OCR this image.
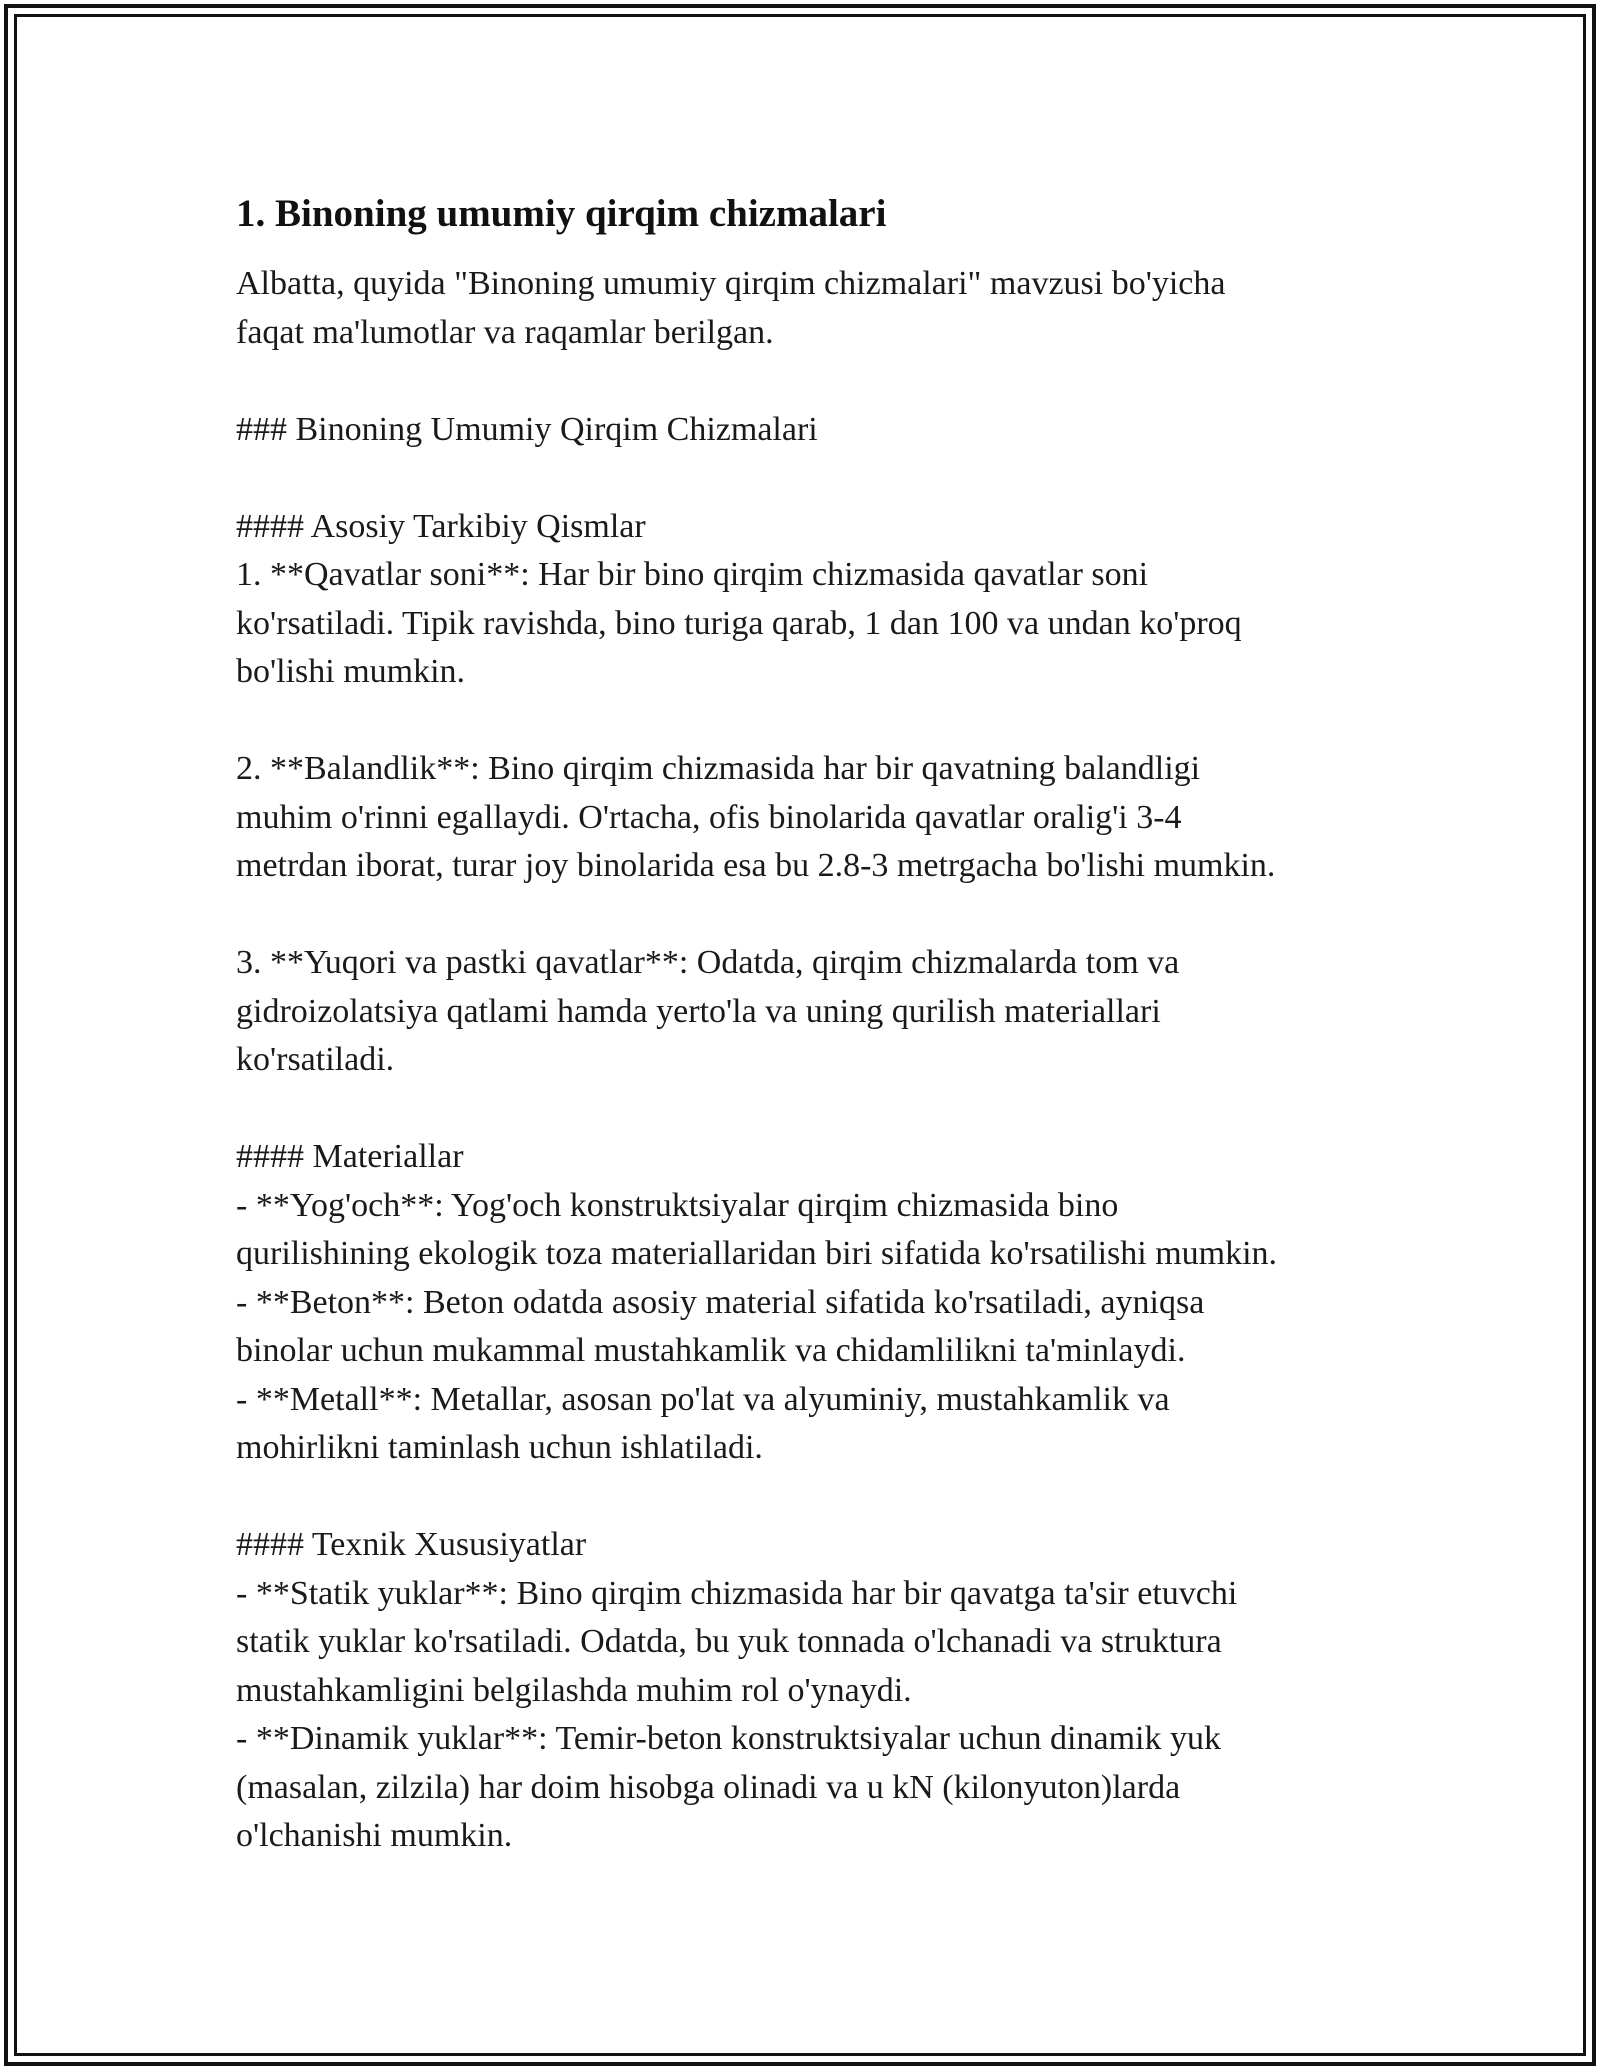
1. Binoning umumiy qirqim chizmalari

Albatta, quyida "Binoning umumiy qirqim chizmalari" mavzusi bo'yicha

faqat ma'lumotlar va raqamlar berilgan.

### Binoning Umumiy Qirqim Chizmalari

#### Asosiy Tarkibiy Qismlar

1. **Qavatlar soni**: Har bir bino qirqim chizmasida qavatlar soni

ko'rsatiladi. Tipik ravishda, bino turiga qarab, 1 dan 100 va undan ko'proq

bo'lishi mumkin.

2. **Balandlik**: Bino qirqim chizmasida har bir qavatning balandligi

muhim o'rinni egallaydi. O'rtacha, ofis binolarida qavatlar oralig'i 3-4

metrdan iborat, turar joy binolarida esa bu 2.8-3 metrgacha bo'lishi mumkin.

3. **Yuqori va pastki qavatlar**: Odatda, qirqim chizmalarda tom va

gidroizolatsiya qatlami hamda yerto'la va uning qurilish materiallari

ko'rsatiladi.

#### Materiallar

- **Yog'och**: Yog'och konstruktsiyalar qirqim chizmasida bino

qurilishining ekologik toza materiallaridan biri sifatida ko'rsatilishi mumkin.

- **Beton**: Beton odatda asosiy material sifatida ko'rsatiladi, ayniqsa

binolar uchun mukammal mustahkamlik va chidamlilikni ta'minlaydi.

- **Metall**: Metallar, asosan po'lat va alyuminiy, mustahkamlik va

mohirlikni taminlash uchun ishlatiladi.

#### Texnik Xususiyatlar

- **Statik yuklar**: Bino qirqim chizmasida har bir qavatga ta'sir etuvchi

statik yuklar ko'rsatiladi. Odatda, bu yuk tonnada o'lchanadi va struktura

mustahkamligini belgilashda muhim rol o'ynaydi.

- **Dinamik yuklar**: Temir-beton konstruktsiyalar uchun dinamik yuk

(masalan, zilzila) har doim hisobga olinadi va u kN (kilonyuton)larda

o'lchanishi mumkin.
